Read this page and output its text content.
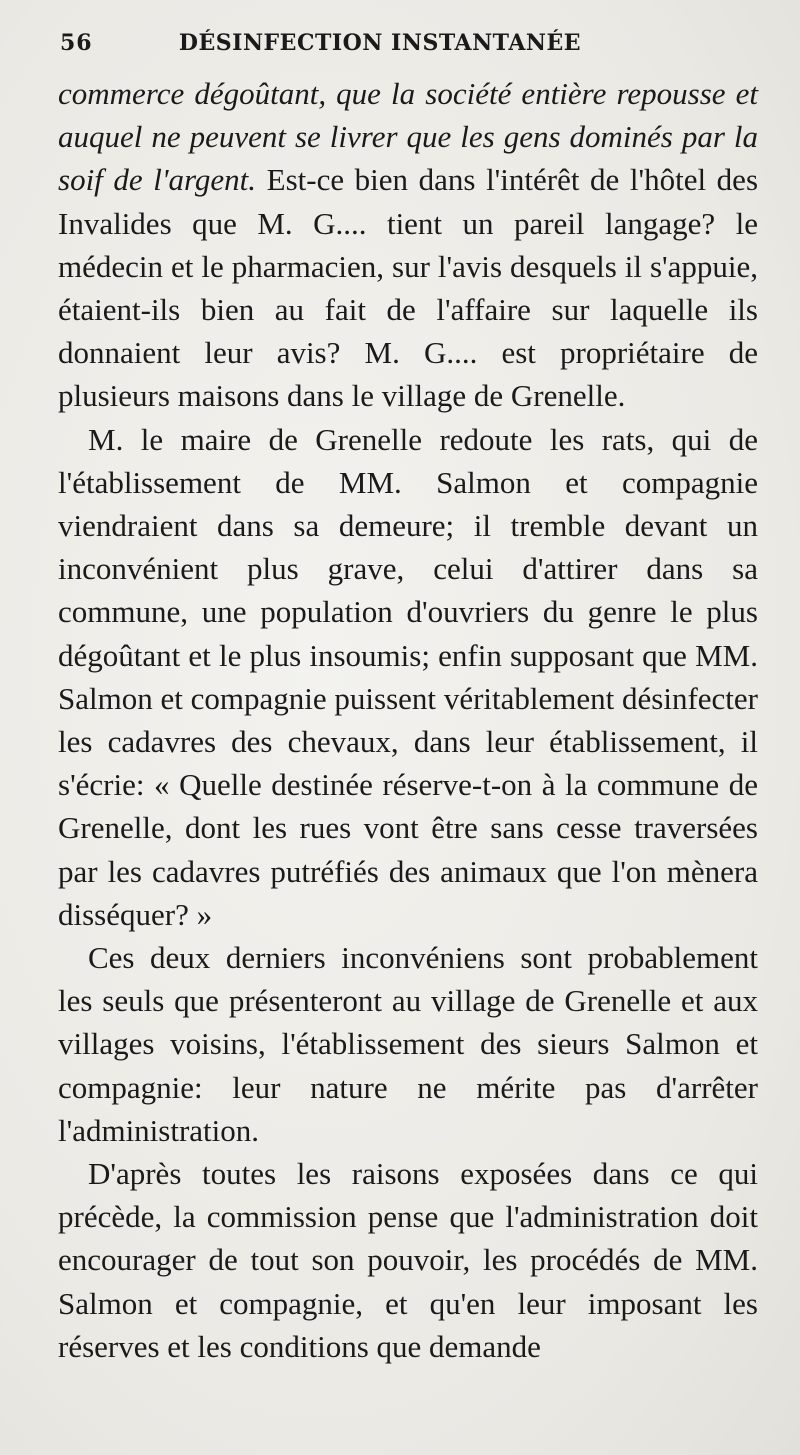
56	DÉSINFECTION INSTANTANÉE

commerce dégoûtant, que la société entière repousse et auquel ne peuvent se livrer que les gens dominés par la soif de l'argent. Est-ce bien dans l'intérêt de l'hôtel des Invalides que M. G.... tient un pareil langage? le médecin et le pharmacien, sur l'avis desquels il s'appuie, étaient-ils bien au fait de l'affaire sur laquelle ils donnaient leur avis? M. G.... est propriétaire de plusieurs maisons dans le village de Grenelle.

M. le maire de Grenelle redoute les rats, qui de l'établissement de MM. Salmon et compagnie viendraient dans sa demeure; il tremble devant un inconvénient plus grave, celui d'attirer dans sa commune, une population d'ouvriers du genre le plus dégoûtant et le plus insoumis; enfin supposant que MM. Salmon et compagnie puissent véritablement désinfecter les cadavres des chevaux, dans leur établissement, il s'écrie: « Quelle destinée réserve-t-on à la commune de Grenelle, dont les rues vont être sans cesse traversées par les cadavres putréfiés des animaux que l'on mènera disséquer? »

Ces deux derniers inconvéniens sont probablement les seuls que présenteront au village de Grenelle et aux villages voisins, l'établissement des sieurs Salmon et compagnie: leur nature ne mérite pas d'arrêter l'administration.

D'après toutes les raisons exposées dans ce qui précède, la commission pense que l'administration doit encourager de tout son pouvoir, les procédés de MM. Salmon et compagnie, et qu'en leur imposant les réserves et les conditions que demande
